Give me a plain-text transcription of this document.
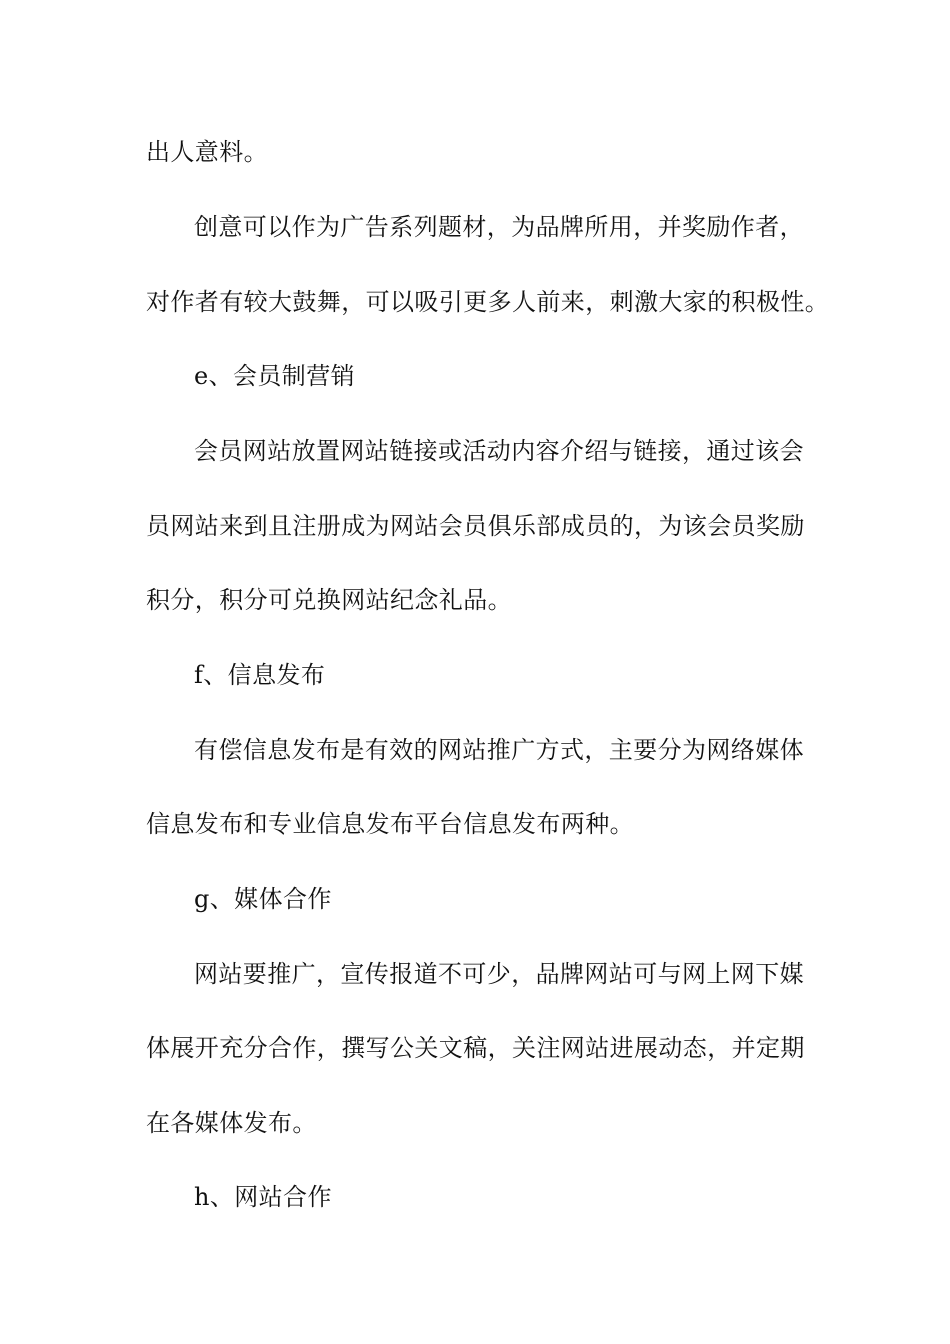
出人意料。
创意可以作为广告系列题材，为品牌所用，并奖励作者，
对作者有较大鼓舞，可以吸引更多人前来，刺激大家的积极性。
e、会员制营销
会员网站放置网站链接或活动内容介绍与链接，通过该会
员网站来到且注册成为网站会员俱乐部成员的，为该会员奖励
积分，积分可兑换网站纪念礼品。
f、信息发布
有偿信息发布是有效的网站推广方式，主要分为网络媒体
信息发布和专业信息发布平台信息发布两种。
g、媒体合作
网站要推广，宣传报道不可少，品牌网站可与网上网下媒
体展开充分合作，撰写公关文稿，关注网站进展动态，并定期
在各媒体发布。
h、网站合作
